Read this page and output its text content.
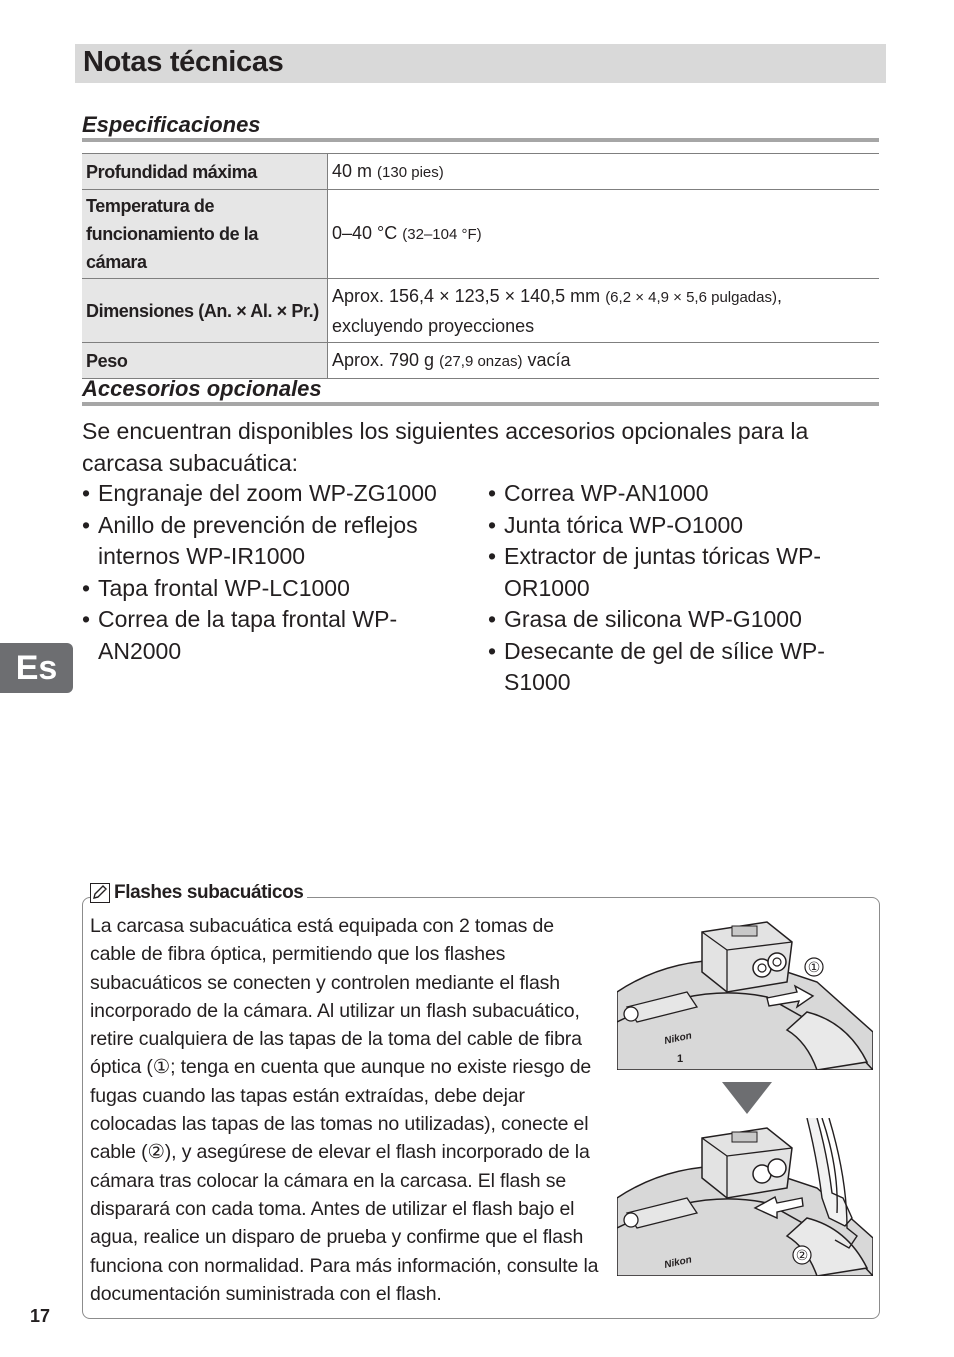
Notas técnicas
Especificaciones
Profundidad máxima	40 m (130 pies)
Temperatura de funcionamiento de la cámara	0–40 °C (32–104 °F)
Dimensiones (An. × Al. × Pr.)	Aprox. 156,4 × 123,5 × 140,5 mm (6,2 × 4,9 × 5,6 pulgadas), excluyendo proyecciones
Peso	Aprox. 790 g (27,9 onzas) vacía
Accesorios opcionales
Se encuentran disponibles los siguientes accesorios opcionales para la carcasa subacuática:
• Engranaje del zoom WP-ZG1000
• Anillo de prevención de reflejos internos WP-IR1000
• Tapa frontal WP-LC1000
• Correa de la tapa frontal WP-AN2000
• Correa WP-AN1000
• Junta tórica WP-O1000
• Extractor de juntas tóricas WP-OR1000
• Grasa de silicona WP-G1000
• Desecante de gel de sílice WP-S1000
Es
Flashes subacuáticos
La carcasa subacuática está equipada con 2 tomas de cable de fibra óptica, permitiendo que los flashes subacuáticos se conecten y controlen mediante el flash incorporado de la cámara. Al utilizar un flash subacuático, retire cualquiera de las tapas de la toma del cable de fibra óptica (①; tenga en cuenta que aunque no existe riesgo de fugas cuando las tapas están extraídas, debe dejar colocadas las tapas de las tomas no utilizadas), conecte el cable (②), y asegúrese de elevar el flash incorporado de la cámara tras colocar la cámara en la carcasa. El flash se disparará con cada toma. Antes de utilizar el flash bajo el agua, realice un disparo de prueba y confirme que el flash funciona con normalidad. Para más información, consulte la documentación suministrada con el flash.
①
Nikon
1
②
Nikon
17
